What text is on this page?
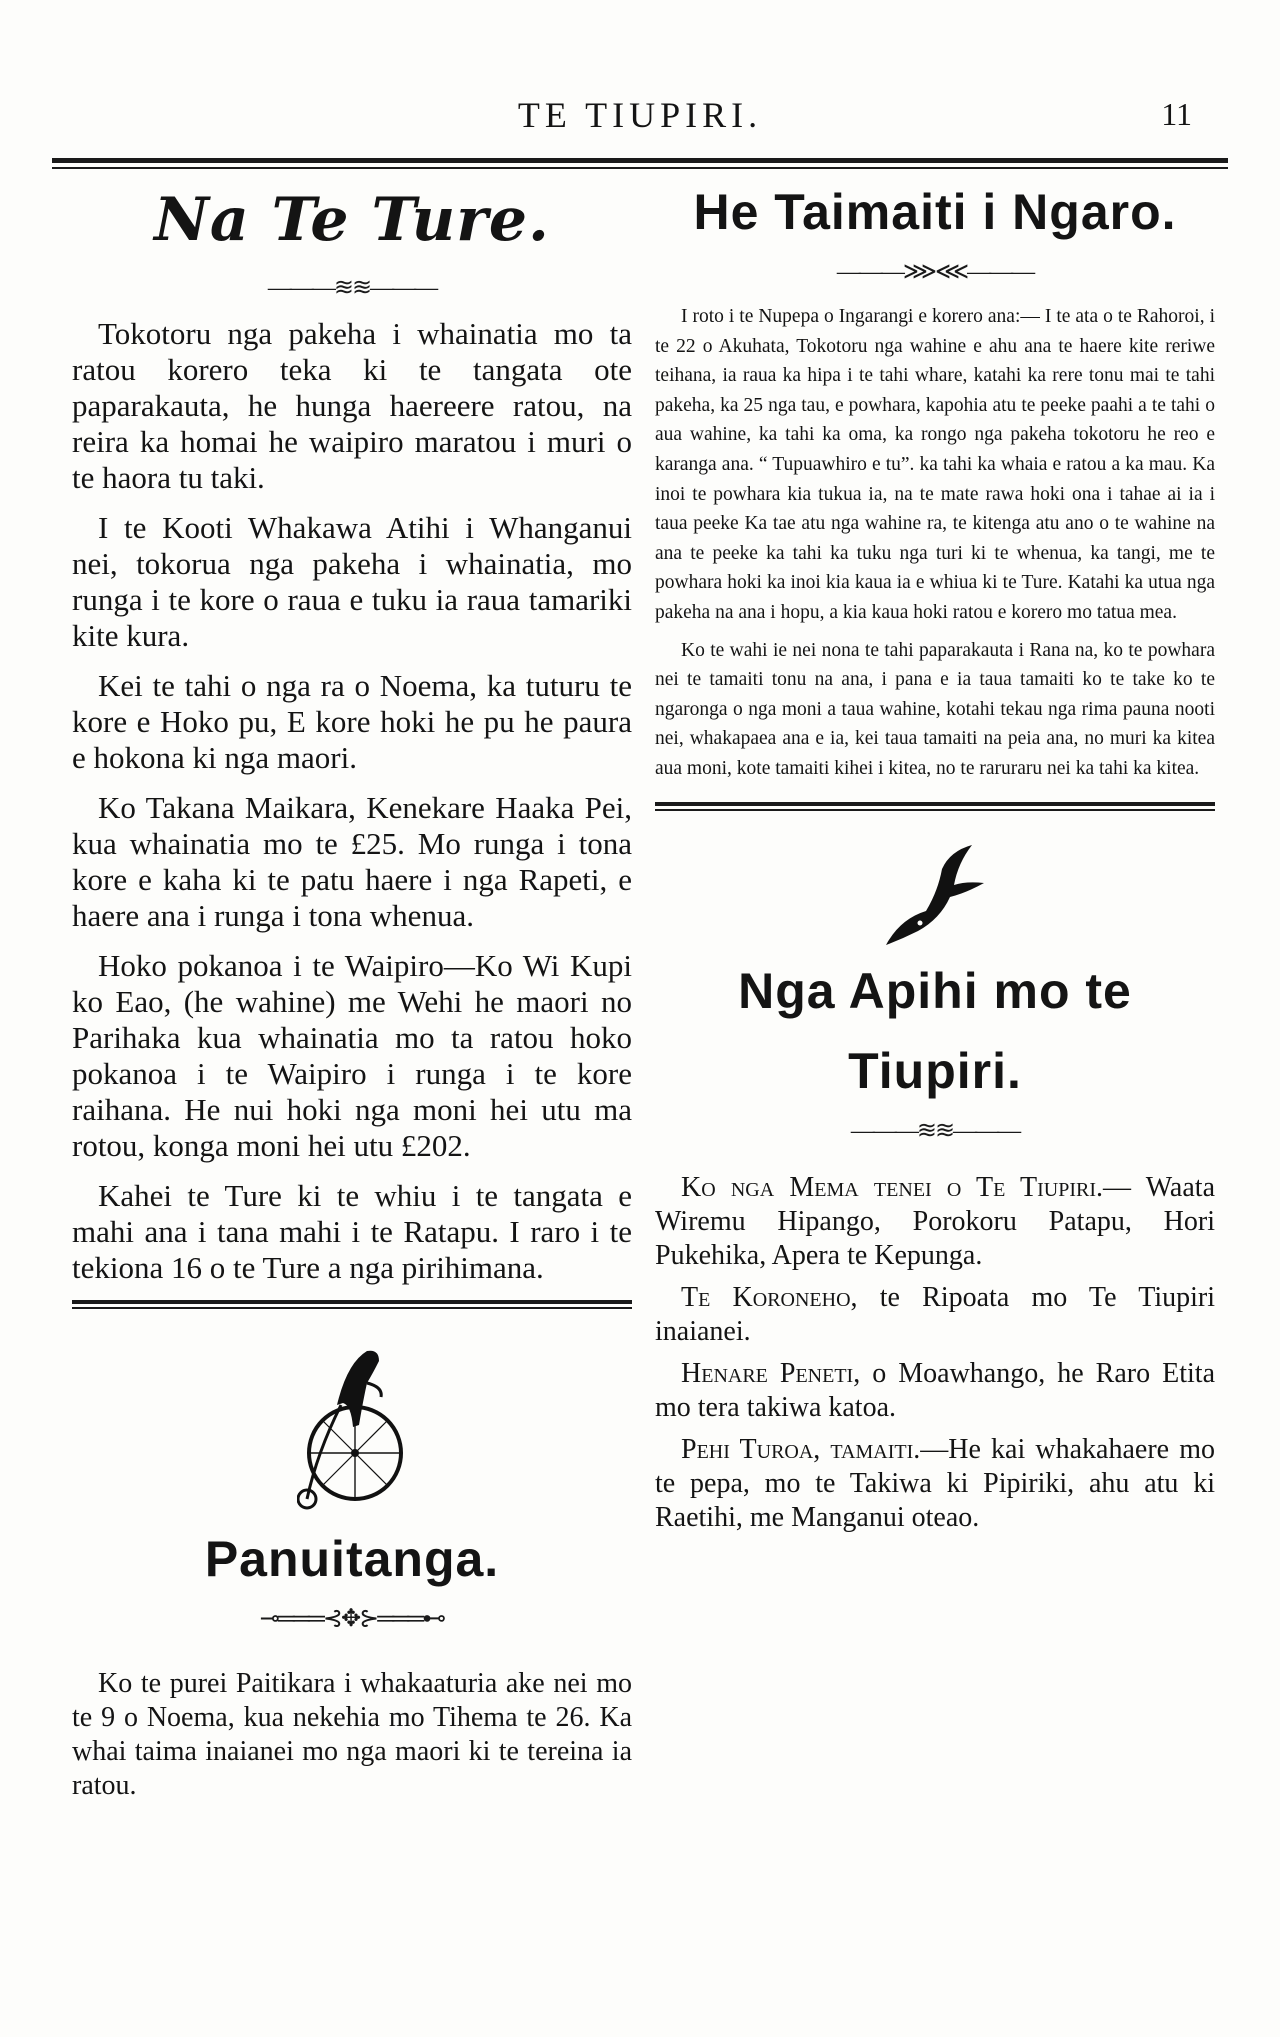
TE TIUPIRI.	11
Na Te Ture.
———≋≋———

Tokotoru nga pakeha i whainatia mo ta ratou korero teka ki te tangata ote paparakauta, he hunga haereere ratou, na reira ka homai he waipiro maratou i muri o te haora tu taki.

I te Kooti Whakawa Atihi i Whanganui nei, tokorua nga pakeha i whainatia, mo runga i te kore o raua e tuku ia raua tamariki kite kura.

Kei te tahi o nga ra o Noema, ka tuturu te kore e Hoko pu, E kore hoki he pu he paura e hokona ki nga maori.

Ko Takana Maikara, Kenekare Haaka Pei, kua whainatia mo te £25. Mo runga i tona kore e kaha ki te patu haere i nga Rapeti, e haere ana i runga i tona whenua.

Hoko pokanoa i te Waipiro—Ko Wi Kupi ko Eao, (he wahine) me Wehi he maori no Parihaka kua whainatia mo ta ratou hoko pokanoa i te Waipiro i runga i te kore raihana. He nui hoki nga moni hei utu ma rotou, konga moni hei utu £202.

Kahei te Ture ki te whiu i te tangata e mahi ana i tana mahi i te Ratapu. I raro i te tekiona 16 o te Ture a nga pirihimana.

Panuitanga.
⊸═══⊰✥⊱═══⊷

Ko te purei Paitikara i whakaaturia ake nei mo te 9 o Noema, kua nekehia mo Tihema te 26. Ka whai taima inaianei mo nga maori ki te tereina ia ratou.

He Taimaiti i Ngaro.
———⋙⋘———

I roto i te Nupepa o Ingarangi e korero ana:— I te ata o te Rahoroi, i te 22 o Akuhata, Tokotoru nga wahine e ahu ana te haere kite reriwe teihana, ia raua ka hipa i te tahi whare, katahi ka rere tonu mai te tahi pakeha, ka 25 nga tau, e powhara, kapohia atu te peeke paahi a te tahi o aua wahine, ka tahi ka oma, ka rongo nga pakeha tokotoru he reo e karanga ana. “ Tupuawhiro e tu”. ka tahi ka whaia e ratou a ka mau. Ka inoi te powhara kia tukua ia, na te mate rawa hoki ona i tahae ai ia i taua peeke Ka tae atu nga wahine ra, te kitenga atu ano o te wahine na ana te peeke ka tahi ka tuku nga turi ki te whenua, ka tangi, me te powhara hoki ka inoi kia kaua ia e whiua ki te Ture. Katahi ka utua nga pakeha na ana i hopu, a kia kaua hoki ratou e korero mo tatua mea.

Ko te wahi ie nei nona te tahi paparakauta i Rana na, ko te powhara nei te tamaiti tonu na ana, i pana e ia taua tamaiti ko te take ko te ngaronga o nga moni a taua wahine, kotahi tekau nga rima pauna nooti nei, whakapaea ana e ia, kei taua tamaiti na peia ana, no muri ka kitea aua moni, kote tamaiti kihei i kitea, no te raruraru nei ka tahi ka kitea.

Nga Apihi mo te Tiupiri.
———≋≋———

Ko nga Mema tenei o Te Tiupiri.— Waata Wiremu Hipango, Porokoru Patapu, Hori Pukehika, Apera te Kepunga.

Te Koroneho, te Ripoata mo Te Tiupiri inaianei.

Henare Peneti, o Moawhango, he Raro Etita mo tera takiwa katoa.

Pehi Turoa, tamaiti.—He kai whakahaere mo te pepa, mo te Takiwa ki Pipiriki, ahu atu ki Raetihi, me Manganui oteao.
